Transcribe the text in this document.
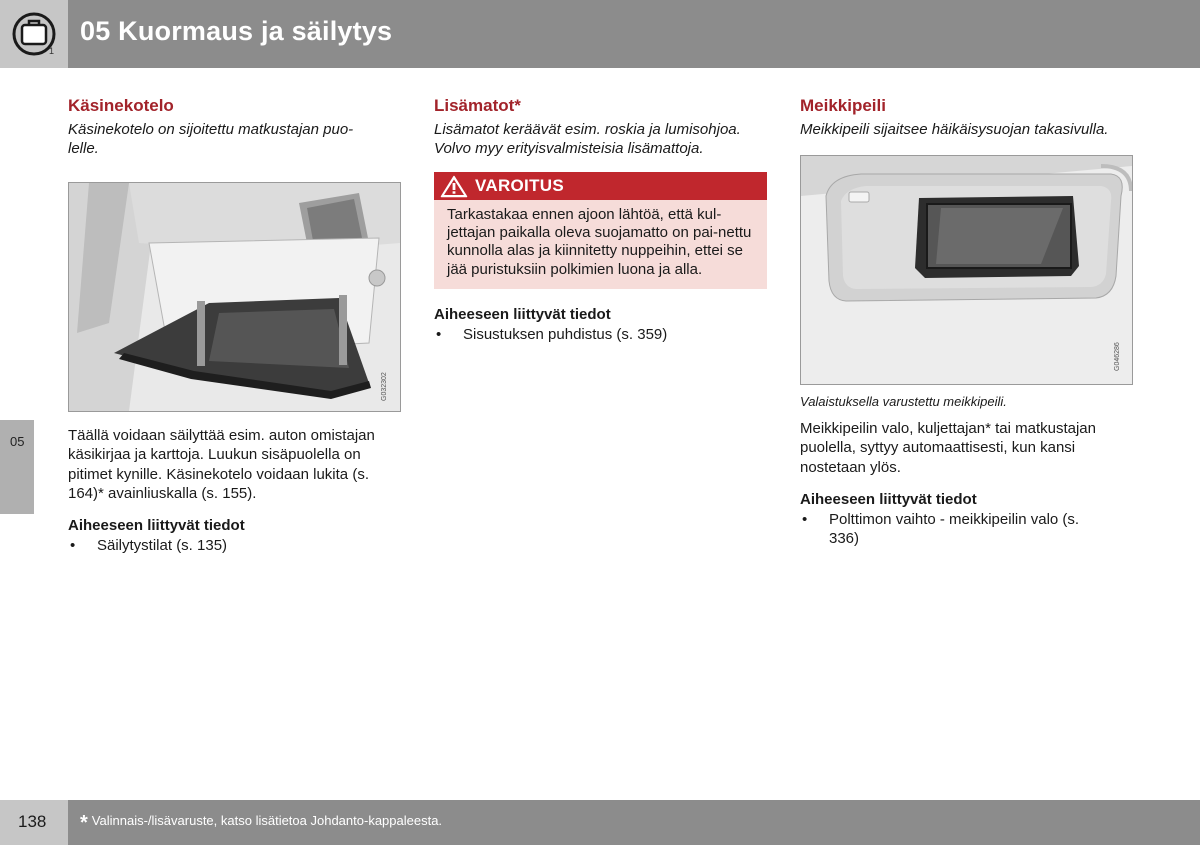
1
05 Kuormaus ja säilytys
05
Käsinekotelo

Käsinekotelo on sijoitettu matkustajan puo-lelle.

G032302

Täällä voidaan säilyttää esim. auton omistajan käsikirjaa ja karttoja. Luukun sisäpuolella on pitimet kynille. Käsinekotelo voidaan lukita (s. 164)* avainliuskalla (s. 155).

Aiheeseen liittyvät tiedot
• Säilytystilat (s. 135)
Lisämatot*

Lisämatot keräävät esim. roskia ja lumisohjoa. Volvo myy erityisvalmisteisia lisämattoja.

VAROITUS
Tarkastakaa ennen ajoon lähtöä, että kul-jettajan paikalla oleva suojamatto on pai-nettu kunnolla alas ja kiinnitetty nuppeihin, ettei se jää puristuksiin polkimien luona ja alla.
Aiheeseen liittyvät tiedot
• Sisustuksen puhdistus (s. 359)
Meikkipeili

Meikkipeili sijaitsee häikäisysuojan takasivulla.

G046286

Valaistuksella varustettu meikkipeili.

Meikkipeilin valo, kuljettajan* tai matkustajan puolella, syttyy automaattisesti, kun kansi nostetaan ylös.

Aiheeseen liittyvät tiedot
• Polttimon vaihto - meikkipeilin valo (s. 336)
138 * Valinnais-/lisävaruste, katso lisätietoa Johdanto-kappaleesta.
